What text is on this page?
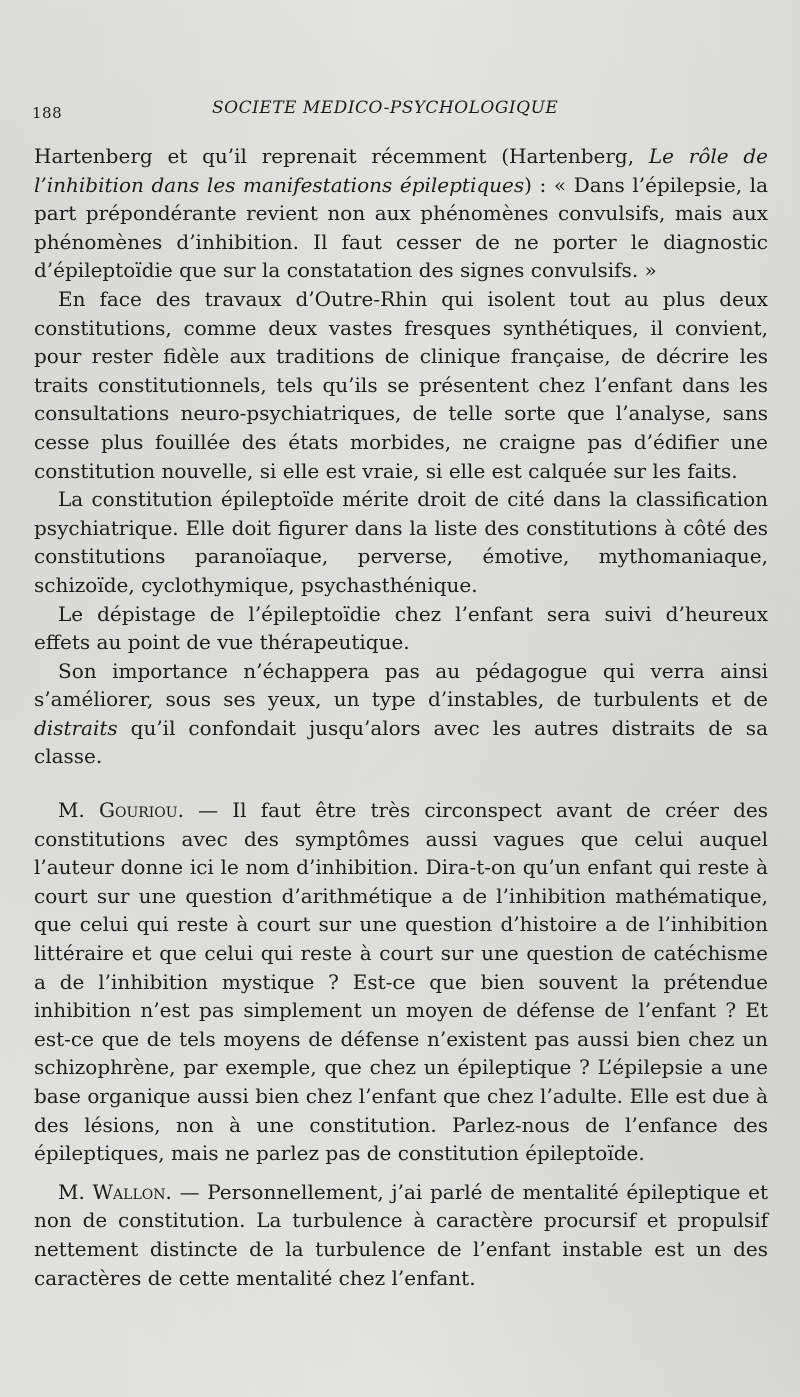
188	SOCIETE MEDICO-PSYCHOLOGIQUE

Hartenberg et qu’il reprenait récemment (Hartenberg, Le rôle de l’inhibition dans les manifestations épileptiques) : « Dans l’épilepsie, la part prépondérante revient non aux phénomènes convulsifs, mais aux phénomènes d’inhibition. Il faut cesser de ne porter le diagnostic d’épileptoïdie que sur la constatation des signes convulsifs. »

En face des travaux d’Outre-Rhin qui isolent tout au plus deux constitutions, comme deux vastes fresques synthétiques, il convient, pour rester fidèle aux traditions de clinique française, de décrire les traits constitutionnels, tels qu’ils se présentent chez l’enfant dans les consultations neuro-psychiatriques, de telle sorte que l’analyse, sans cesse plus fouillée des états morbides, ne craigne pas d’édifier une constitution nouvelle, si elle est vraie, si elle est calquée sur les faits.

La constitution épileptoïde mérite droit de cité dans la classification psychiatrique. Elle doit figurer dans la liste des constitutions à côté des constitutions paranoïaque, perverse, émotive, mythomaniaque, schizoïde, cyclothymique, psychasthénique.

Le dépistage de l’épileptoïdie chez l’enfant sera suivi d’heureux effets au point de vue thérapeutique.

Son importance n’échappera pas au pédagogue qui verra ainsi s’améliorer, sous ses yeux, un type d’instables, de turbulents et de distraits qu’il confondait jusqu’alors avec les autres distraits de sa classe.

M. Gouriou. — Il faut être très circonspect avant de créer des constitutions avec des symptômes aussi vagues que celui auquel l’auteur donne ici le nom d’inhibition. Dira-t-on qu’un enfant qui reste à court sur une question d’arithmétique a de l’inhibition mathématique, que celui qui reste à court sur une question d’histoire a de l’inhibition littéraire et que celui qui reste à court sur une question de catéchisme a de l’inhibition mystique ? Est-ce que bien souvent la prétendue inhibition n’est pas simplement un moyen de défense de l’enfant ? Et est-ce que de tels moyens de défense n’existent pas aussi bien chez un schizophrène, par exemple, que chez un épileptique ? L’épilepsie a une base organique aussi bien chez l’enfant que chez l’adulte. Elle est due à des lésions, non à une constitution. Parlez-nous de l’enfance des épileptiques, mais ne parlez pas de constitution épileptoïde.

M. Wallon. — Personnellement, j’ai parlé de mentalité épileptique et non de constitution. La turbulence à caractère procursif et propulsif nettement distincte de la turbulence de l’enfant instable est un des caractères de cette mentalité chez l’enfant.
